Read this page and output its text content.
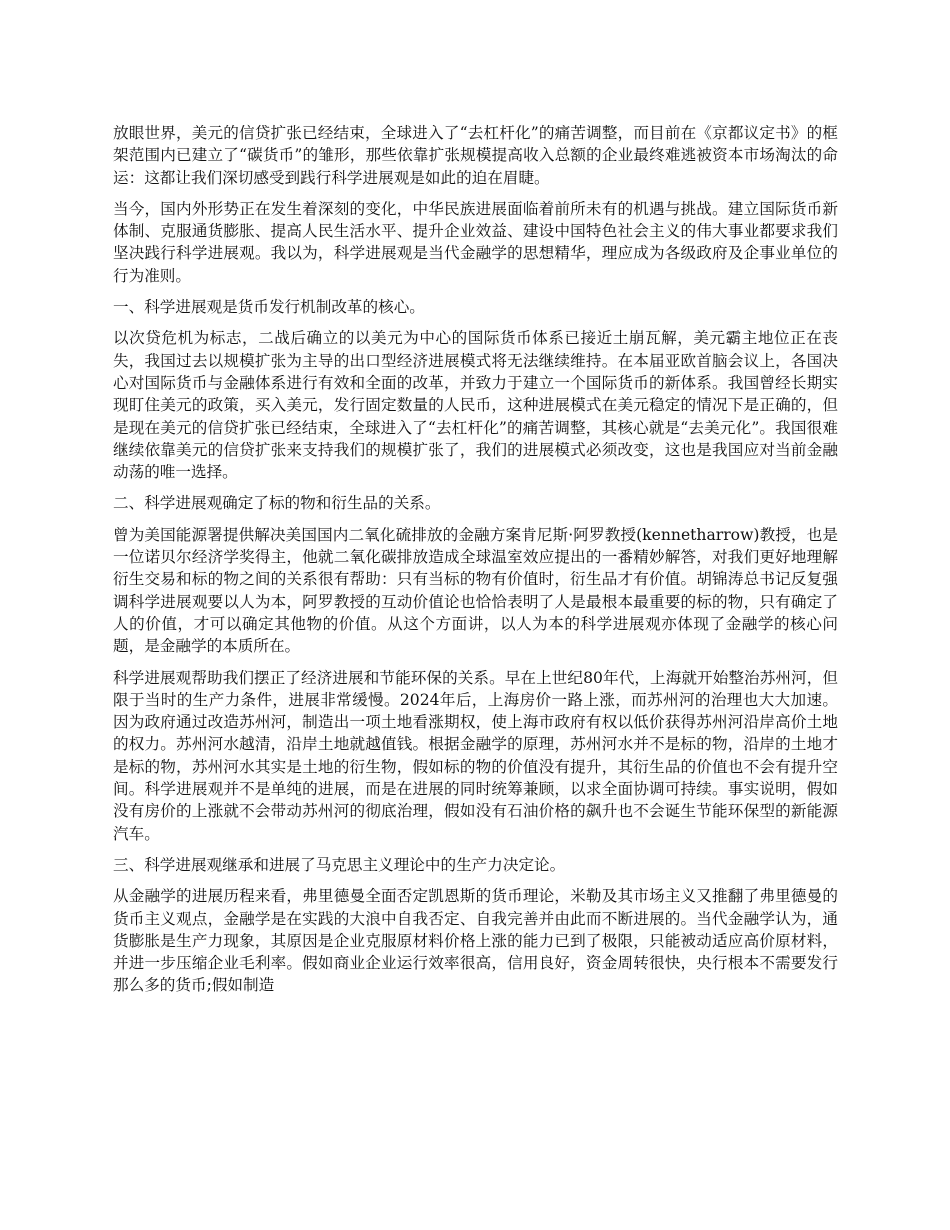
放眼世界，美元的信贷扩张已经结束，全球进入了“去杠杆化”的痛苦调整，而目前在《京都议定书》的框架范围内已建立了“碳货币”的雏形，那些依靠扩张规模提高收入总额的企业最终难逃被资本市场淘汰的命运：这都让我们深切感受到践行科学进展观是如此的迫在眉睫。

当今，国内外形势正在发生着深刻的变化，中华民族进展面临着前所未有的机遇与挑战。建立国际货币新体制、克服通货膨胀、提高人民生活水平、提升企业效益、建设中国特色社会主义的伟大事业都要求我们坚决践行科学进展观。我以为，科学进展观是当代金融学的思想精华，理应成为各级政府及企事业单位的行为准则。

一、科学进展观是货币发行机制改革的核心。

以次贷危机为标志，二战后确立的以美元为中心的国际货币体系已接近土崩瓦解，美元霸主地位正在丧失，我国过去以规模扩张为主导的出口型经济进展模式将无法继续维持。在本届亚欧首脑会议上，各国决心对国际货币与金融体系进行有效和全面的改革，并致力于建立一个国际货币的新体系。我国曾经长期实现盯住美元的政策，买入美元，发行固定数量的人民币，这种进展模式在美元稳定的情况下是正确的，但是现在美元的信贷扩张已经结束，全球进入了“去杠杆化”的痛苦调整，其核心就是“去美元化”。我国很难继续依靠美元的信贷扩张来支持我们的规模扩张了，我们的进展模式必须改变，这也是我国应对当前金融动荡的唯一选择。

二、科学进展观确定了标的物和衍生品的关系。

曾为美国能源署提供解决美国国内二氧化硫排放的金融方案肯尼斯·阿罗教授(kennetharrow)教授，也是一位诺贝尔经济学奖得主，他就二氧化碳排放造成全球温室效应提出的一番精妙解答，对我们更好地理解衍生交易和标的物之间的关系很有帮助：只有当标的物有价值时，衍生品才有价值。胡锦涛总书记反复强调科学进展观要以人为本，阿罗教授的互动价值论也恰恰表明了人是最根本最重要的标的物，只有确定了人的价值，才可以确定其他物的价值。从这个方面讲，以人为本的科学进展观亦体现了金融学的核心问题，是金融学的本质所在。

科学进展观帮助我们摆正了经济进展和节能环保的关系。早在上世纪80年代，上海就开始整治苏州河，但限于当时的生产力条件，进展非常缓慢。2024年后，上海房价一路上涨，而苏州河的治理也大大加速。因为政府通过改造苏州河，制造出一项土地看涨期权，使上海市政府有权以低价获得苏州河沿岸高价土地的权力。苏州河水越清，沿岸土地就越值钱。根据金融学的原理，苏州河水并不是标的物，沿岸的土地才是标的物，苏州河水其实是土地的衍生物，假如标的物的价值没有提升，其衍生品的价值也不会有提升空间。科学进展观并不是单纯的进展，而是在进展的同时统筹兼顾，以求全面协调可持续。事实说明，假如没有房价的上涨就不会带动苏州河的彻底治理，假如没有石油价格的飙升也不会诞生节能环保型的新能源汽车。

三、科学进展观继承和进展了马克思主义理论中的生产力决定论。

从金融学的进展历程来看，弗里德曼全面否定凯恩斯的货币理论，米勒及其市场主义又推翻了弗里德曼的货币主义观点，金融学是在实践的大浪中自我否定、自我完善并由此而不断进展的。当代金融学认为，通货膨胀是生产力现象，其原因是企业克服原材料价格上涨的能力已到了极限，只能被动适应高价原材料，并进一步压缩企业毛利率。假如商业企业运行效率很高，信用良好，资金周转很快，央行根本不需要发行那么多的货币;假如制造
